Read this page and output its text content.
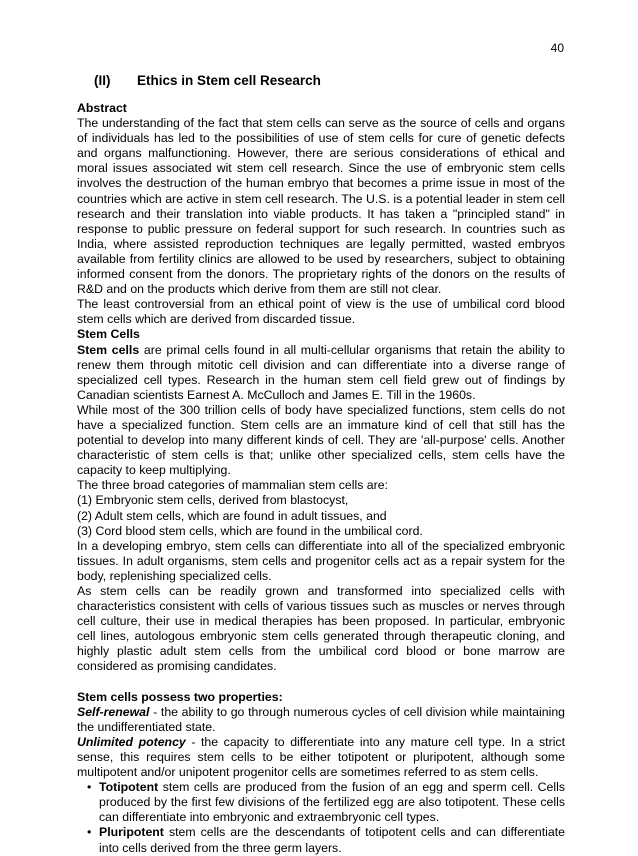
40
(II) Ethics in Stem cell Research

Abstract

The understanding of the fact that stem cells can serve as the source of cells and organs of individuals has led to the possibilities of use of stem cells for cure of genetic defects and organs malfunctioning. However, there are serious considerations of ethical and moral issues associated wit stem cell research. Since the use of embryonic stem cells involves the destruction of the human embryo that becomes a prime issue in most of the countries which are active in stem cell research. The U.S. is a potential leader in stem cell research and their translation into viable products. It has taken a "principled stand" in response to public pressure on federal support for such research. In countries such as India, where assisted reproduction techniques are legally permitted, wasted embryos available from fertility clinics are allowed to be used by researchers, subject to obtaining informed consent from the donors. The proprietary rights of the donors on the results of R&D and on the products which derive from them are still not clear.

The least controversial from an ethical point of view is the use of umbilical cord blood stem cells which are derived from discarded tissue.

Stem Cells

Stem cells are primal cells found in all multi-cellular organisms that retain the ability to renew them through mitotic cell division and can differentiate into a diverse range of specialized cell types. Research in the human stem cell field grew out of findings by Canadian scientists Earnest A. McCulloch and James E. Till in the 1960s.

While most of the 300 trillion cells of body have specialized functions, stem cells do not have a specialized function. Stem cells are an immature kind of cell that still has the potential to develop into many different kinds of cell. They are 'all-purpose' cells. Another characteristic of stem cells is that; unlike other specialized cells, stem cells have the capacity to keep multiplying.

The three broad categories of mammalian stem cells are:

(1) Embryonic stem cells, derived from blastocyst,

(2) Adult stem cells, which are found in adult tissues, and

(3) Cord blood stem cells, which are found in the umbilical cord.

In a developing embryo, stem cells can differentiate into all of the specialized embryonic tissues. In adult organisms, stem cells and progenitor cells act as a repair system for the body, replenishing specialized cells.

As stem cells can be readily grown and transformed into specialized cells with characteristics consistent with cells of various tissues such as muscles or nerves through cell culture, their use in medical therapies has been proposed. In particular, embryonic cell lines, autologous embryonic stem cells generated through therapeutic cloning, and highly plastic adult stem cells from the umbilical cord blood or bone marrow are considered as promising candidates.

Stem cells possess two properties:

Self-renewal - the ability to go through numerous cycles of cell division while maintaining the undifferentiated state.

Unlimited potency - the capacity to differentiate into any mature cell type. In a strict sense, this requires stem cells to be either totipotent or pluripotent, although some multipotent and/or unipotent progenitor cells are sometimes referred to as stem cells.

• Totipotent stem cells are produced from the fusion of an egg and sperm cell. Cells produced by the first few divisions of the fertilized egg are also totipotent. These cells can differentiate into embryonic and extraembryonic cell types.
• Pluripotent stem cells are the descendants of totipotent cells and can differentiate into cells derived from the three germ layers.
